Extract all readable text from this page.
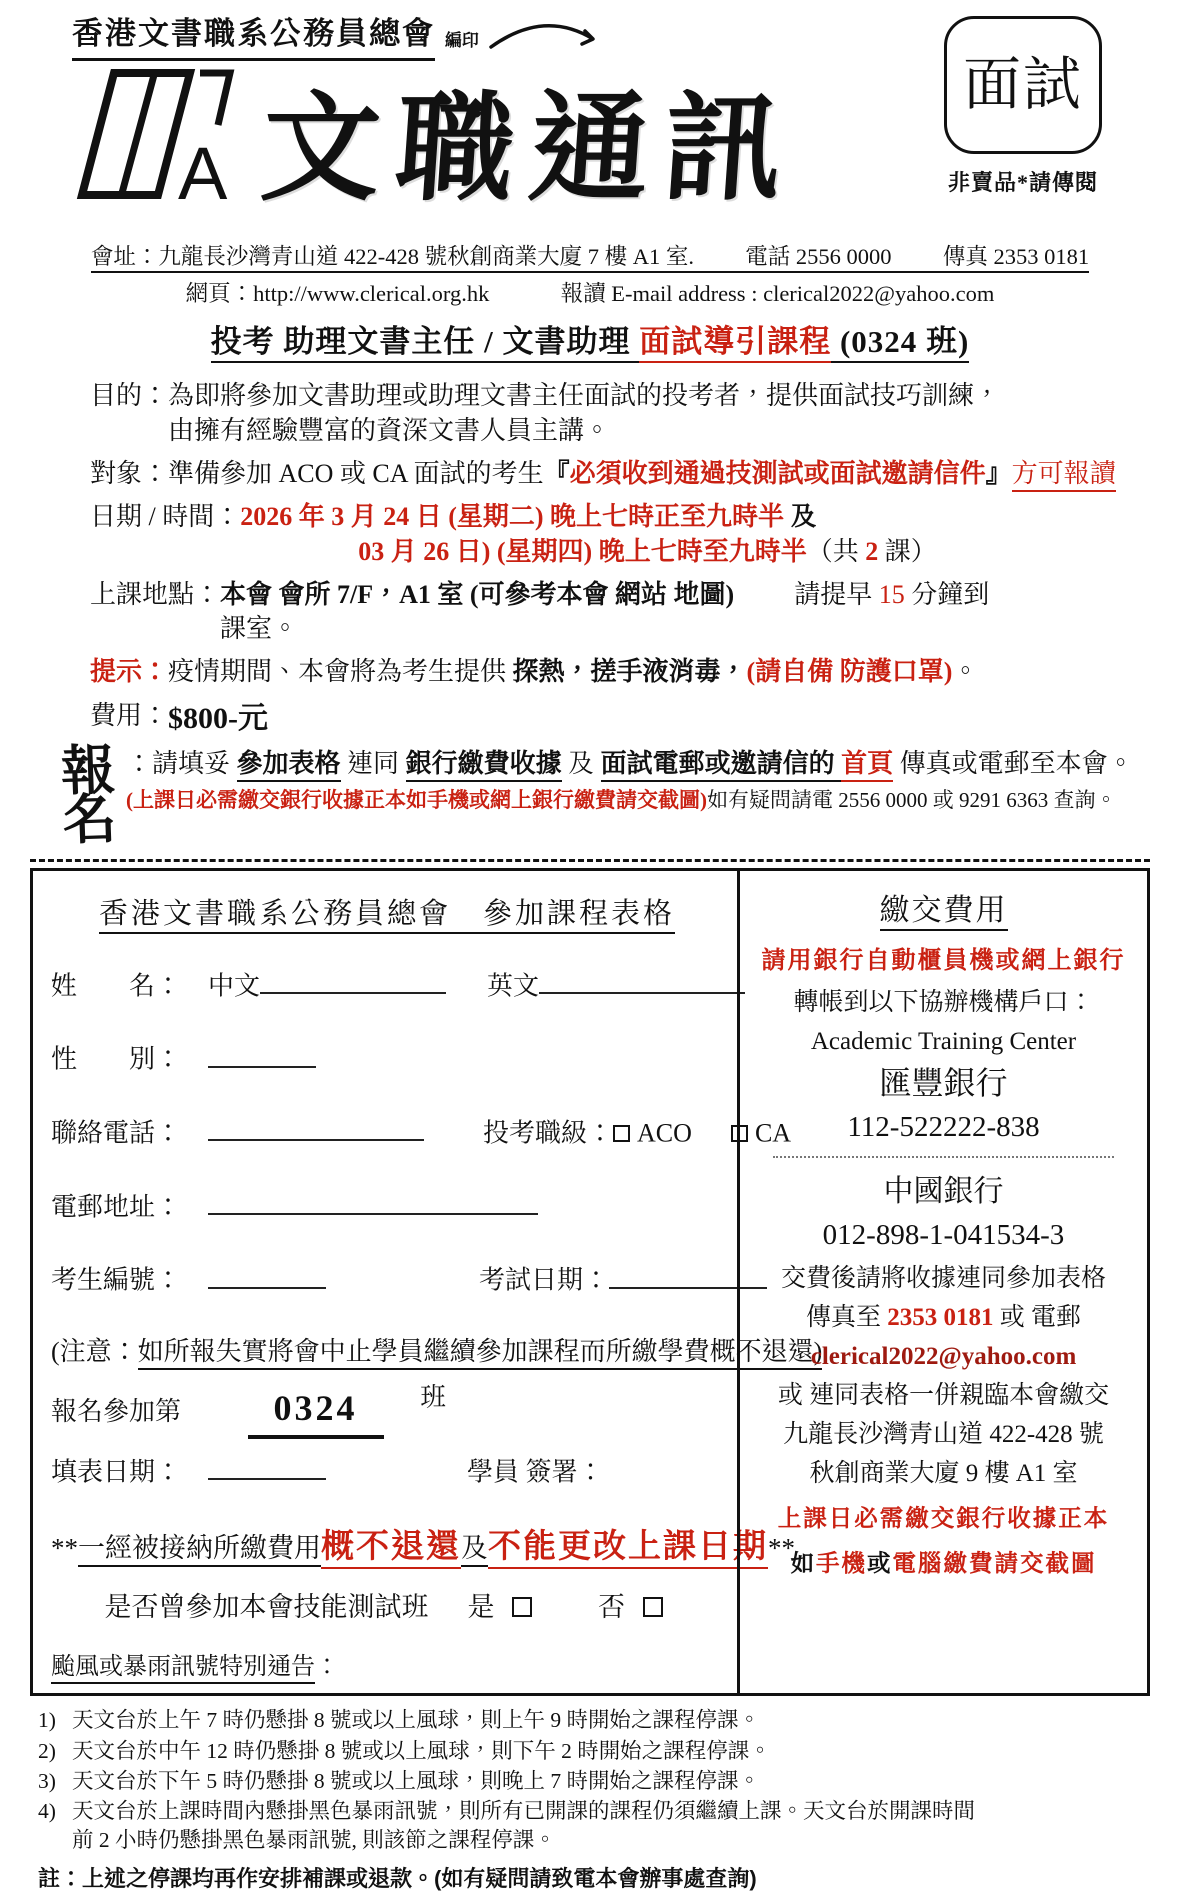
香港文書職系公務員總會 編印
A 文職通訊	面試
非賣品*請傳閱
會址：九龍長沙灣青山道 422-428 號秋創商業大廈 7 樓 A1 室. 電話 2556 0000 傳真 2353 0181
網頁：http://www.clerical.org.hk	報讀 E-mail address : clerical2022@yahoo.com
投考 助理文書主任 / 文書助理 面試導引課程 (0324 班)
目的： 為即將參加文書助理或助理文書主任面試的投考者，提供面試技巧訓練，
由擁有經驗豐富的資深文書人員主講。
對象： 準備參加 ACO 或 CA 面試的考生『必須收到通過技測試或面試邀請信件』方可報讀
日期 / 時間： 2026 年 3 月 24 日 (星期二) 晚上七時正至九時半 及
03 月 26 日) (星期四) 晚上七時至九時半（共 2 課）
上課地點： 本會 會所 7/F，A1 室 (可參考本會 網站 地圖) 請提早 15 分鐘到
課室。
提示： 疫情期間、本會將為考生提供 探熱，搓手液消毒，(請自備 防護口罩)。
費用： $800-元
報名
：請填妥 參加表格 連同 銀行繳費收據 及 面試電郵或邀請信的 首頁 傳真或電郵至本會。
(上課日必需繳交銀行收據正本如手機或網上銀行繳費請交截圖)如有疑問請電 2556 0000 或 9291 6363 查詢。
香港文書職系公務員總會　參加課程表格
姓　　名： 中文	英文
性　　別：
聯絡電話：	投考職級： ACO CA
電郵地址：
考生編號：	考試日期：
(注意：如所報失實將會中止學員繼續參加課程而所繳學費概不退還)
報名參加第	0324 班
填表日期：	學員 簽署：
**一經被接納所繳費用概不退還及不能更改上課日期**
是否曾參加本會技能測試班 是	否
颱風或暴雨訊號特別通告：
繳交費用
請用銀行自動櫃員機或網上銀行
轉帳到以下協辦機構戶口：
Academic Training Center
匯豐銀行
112-522222-838
中國銀行
012-898-1-041534-3
交費後請將收據連同參加表格
傳真至 2353 0181 或 電郵
clerical2022@yahoo.com
或 連同表格一併親臨本會繳交
九龍長沙灣青山道 422-428 號
秋創商業大廈 9 樓 A1 室
上課日必需繳交銀行收據正本
如手機或電腦繳費請交截圖
1) 天文台於上午 7 時仍懸掛 8 號或以上風球，則上午 9 時開始之課程停課。
2) 天文台於中午 12 時仍懸掛 8 號或以上風球，則下午 2 時開始之課程停課。
3) 天文台於下午 5 時仍懸掛 8 號或以上風球，則晚上 7 時開始之課程停課。
4) 天文台於上課時間內懸掛黑色暴雨訊號，則所有已開課的課程仍須繼續上課。天文台於開課時間
前 2 小時仍懸掛黑色暴雨訊號, 則該節之課程停課。
註：上述之停課均再作安排補課或退款。(如有疑問請致電本會辦事處查詢)
